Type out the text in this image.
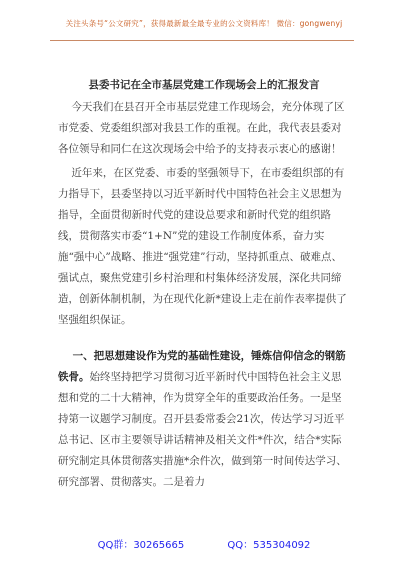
关注头条号“公文研究”，获得最新最全最专业的公文资料库！ 微信：gongwenyj
县委书记在全市基层党建工作现场会上的汇报发言

今天我们在县召开全市基层党建工作现场会，充分体现了区市党委、党委组织部对我县工作的重视。在此，我代表县委对各位领导和同仁在这次现场会中给予的支持表示衷心的感谢！

近年来，在区党委、市委的坚强领导下，在市委组织部的有力指导下，县委坚持以习近平新时代中国特色社会主义思想为指导，全面贯彻新时代党的建设总要求和新时代党的组织路线，贯彻落实市委“1+N”党的建设工作制度体系，奋力实施“强中心”战略、推进“强党建”行动，坚持抓重点、破难点、强试点，聚焦党建引乡村治理和村集体经济发展，深化共同缔造，创新体制机制，为在现代化新*建设上走在前作表率提供了坚强组织保证。

一、把思想建设作为党的基础性建设，锤炼信仰信念的钢筋铁骨。始终坚持把学习贯彻习近平新时代中国特色社会主义思想和党的二十大精神，作为贯穿全年的重要政治任务。一是坚持第一议题学习制度。召开县委常委会21次，传达学习习近平总书记、区市主要领导讲话精神及相关文件*件次，结合*实际研究制定具体贯彻落实措施*余件次，做到第一时间传达学习、研究部署、贯彻落实。二是着力

QQ群：30265665	QQ：535304092
